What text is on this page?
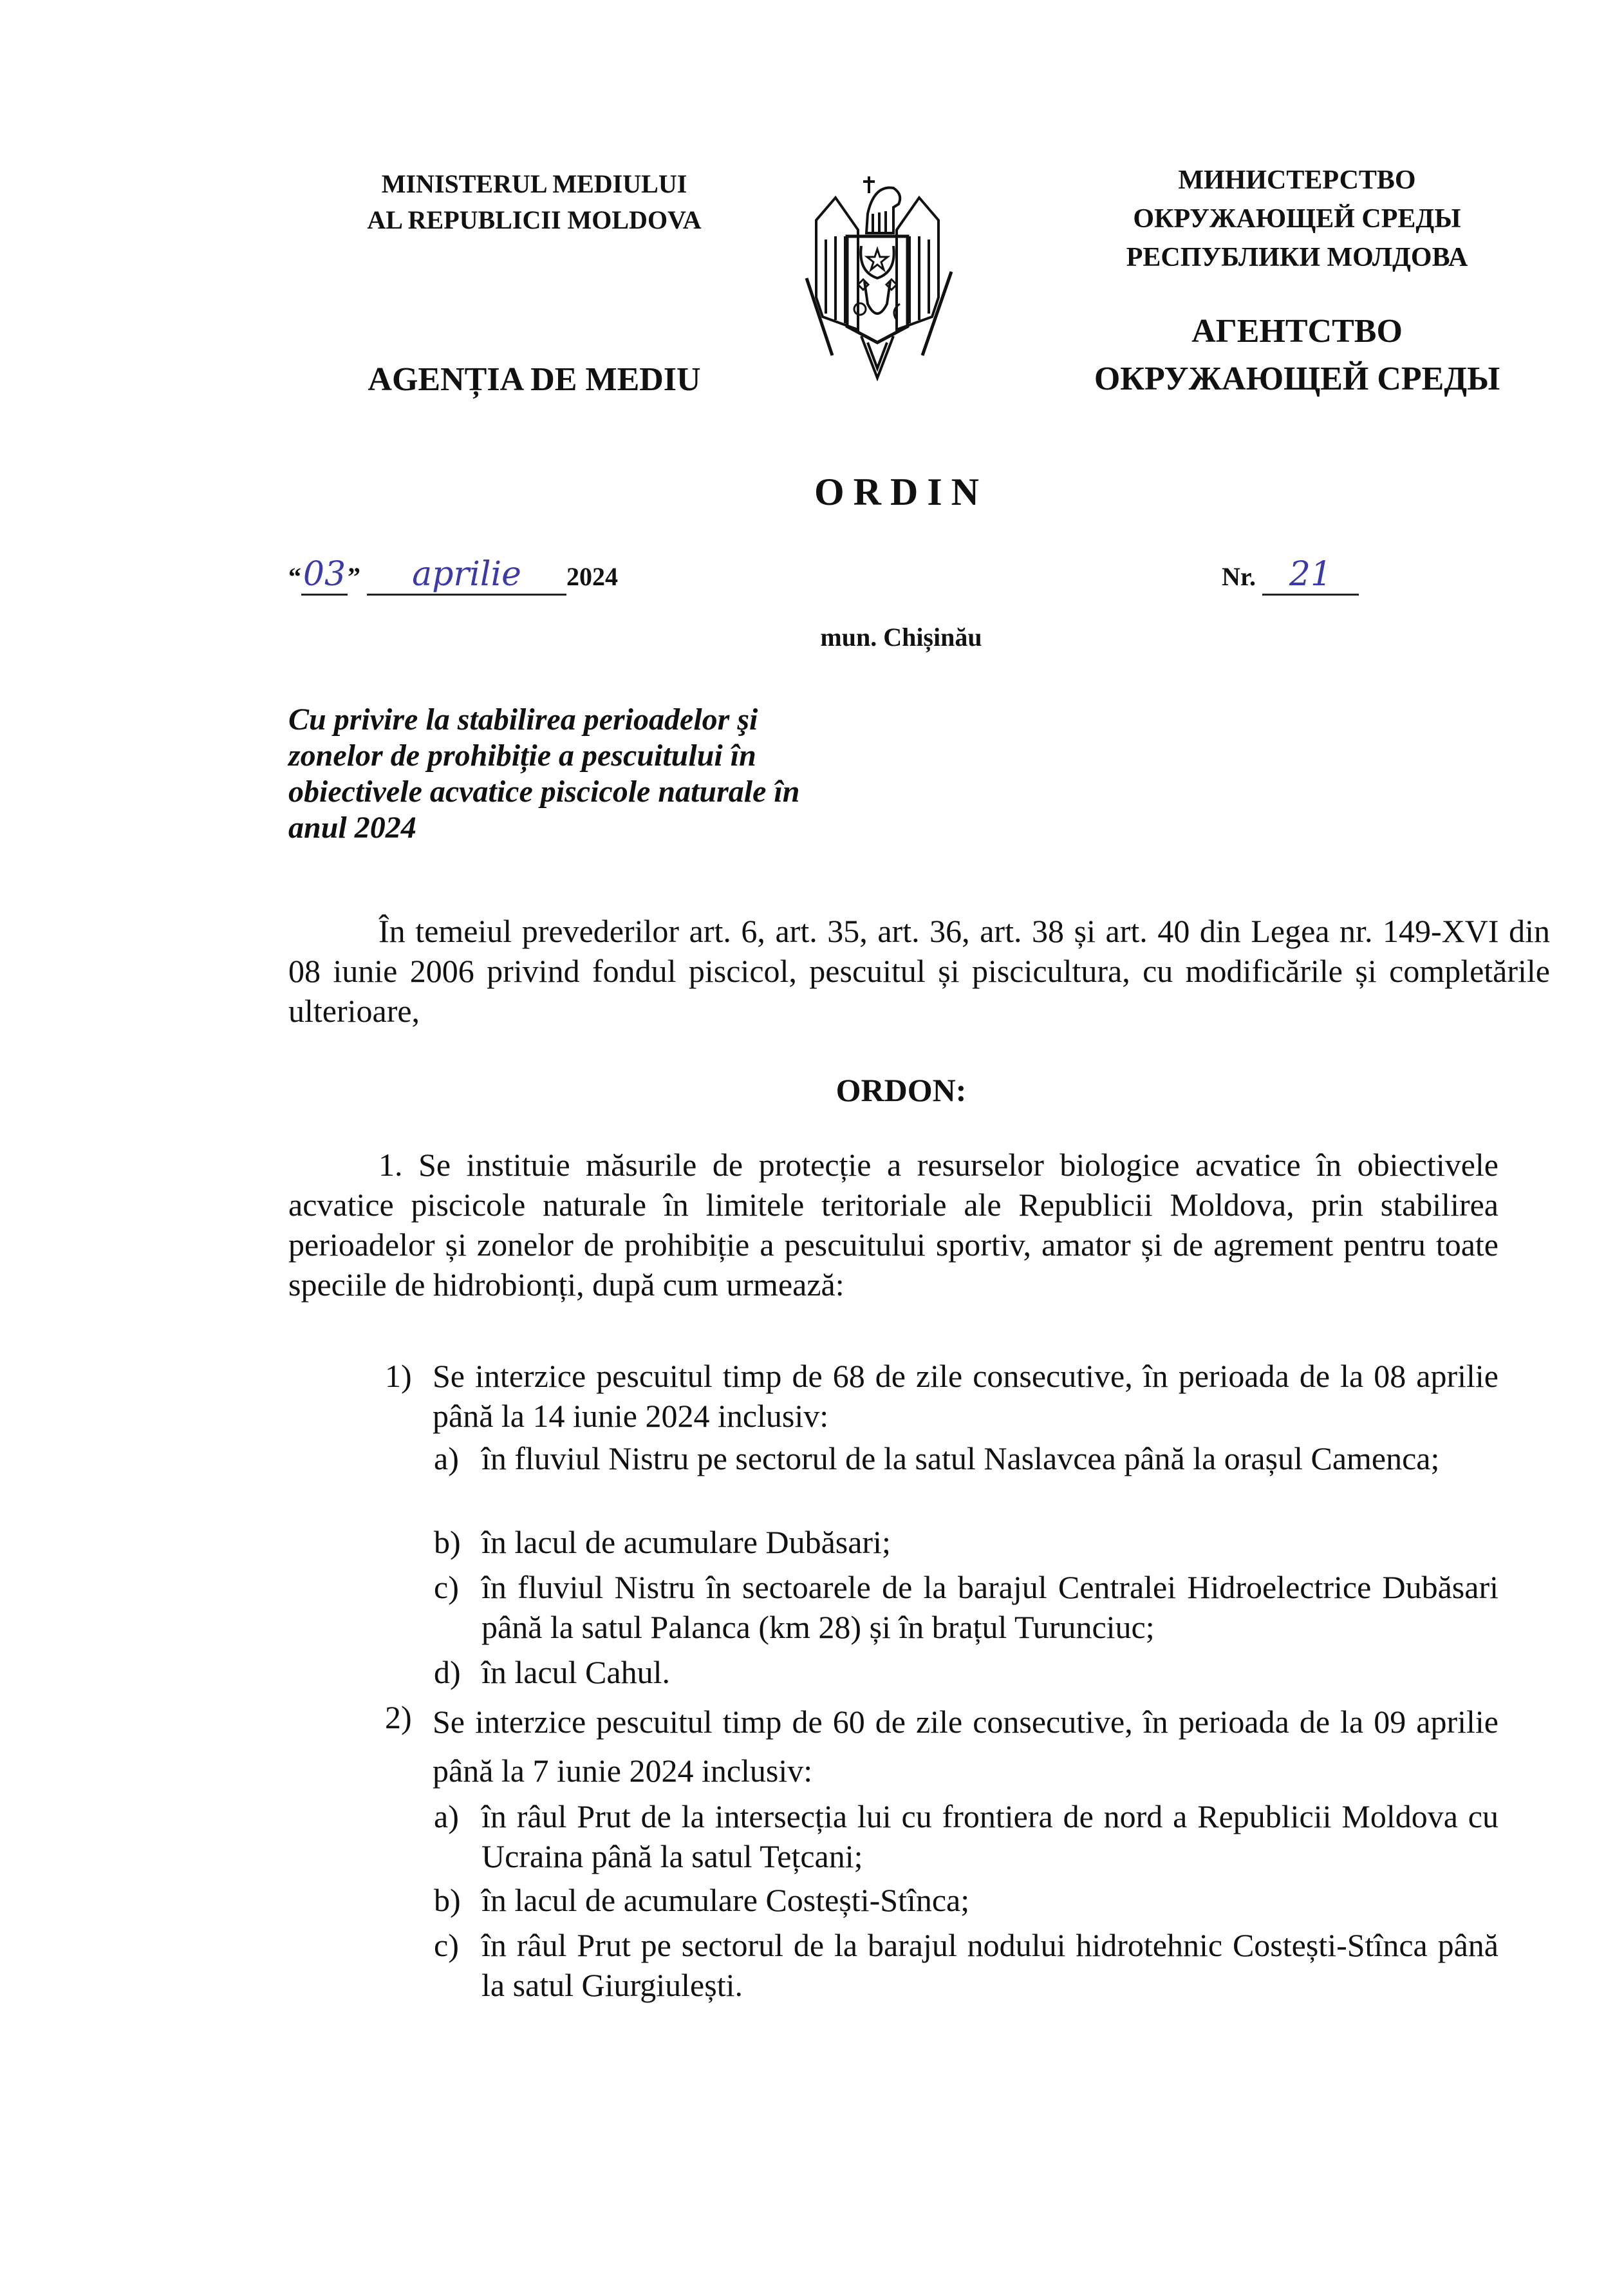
MINISTERUL MEDIULUI
AL REPUBLICII MOLDOVA
AGENȚIA DE MEDIU
МИНИСТЕРСТВО
ОКРУЖАЮЩЕЙ СРЕДЫ
РЕСПУБЛИКИ МОЛДОВА
АГЕНТСТВО
ОКРУЖАЮЩЕЙ СРЕДЫ
ORDIN
“03” aprilie 2024	Nr. 21
mun. Chișinău
Cu privire la stabilirea perioadelor şi zonelor de prohibiție a pescuitului în obiectivele acvatice piscicole naturale în anul 2024
În temeiul prevederilor art. 6, art. 35, art. 36, art. 38 și art. 40 din Legea nr. 149-XVI din 08 iunie 2006 privind fondul piscicol, pescuitul și piscicultura, cu modificările și completările ulterioare,
ORDON:
1. Se instituie măsurile de protecție a resurselor biologice acvatice în obiectivele acvatice piscicole naturale în limitele teritoriale ale Republicii Moldova, prin stabilirea perioadelor și zonelor de prohibiție a pescuitului sportiv, amator și de agrement pentru toate speciile de hidrobionți, după cum urmează:
1) Se interzice pescuitul timp de 68 de zile consecutive, în perioada de la 08 aprilie până la 14 iunie 2024 inclusiv:
a) în fluviul Nistru pe sectorul de la satul Naslavcea până la orașul Camenca;
b) în lacul de acumulare Dubăsari;
c) în fluviul Nistru în sectoarele de la barajul Centralei Hidroelectrice Dubăsari până la satul Palanca (km 28) și în brațul Turunciuc;
d) în lacul Cahul.
2) Se interzice pescuitul timp de 60 de zile consecutive, în perioada de la 09 aprilie până la 7 iunie 2024 inclusiv:
a) în râul Prut de la intersecția lui cu frontiera de nord a Republicii Moldova cu Ucraina până la satul Tețcani;
b) în lacul de acumulare Costești-Stînca;
c) în râul Prut pe sectorul de la barajul nodului hidrotehnic Costești-Stînca până la satul Giurgiulești.
